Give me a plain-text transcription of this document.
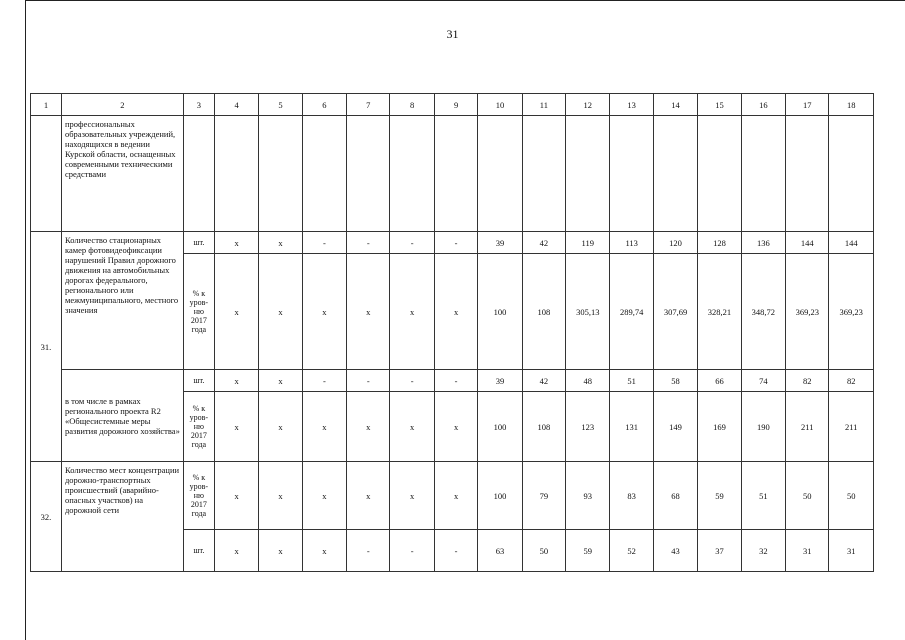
31
1	2	3	4	5	6	7	8	9	10	11	12	13	14	15	16	17	18
	профессиональных образовательных учреждений, находящихся в ведении Курской области, оснащенных современными техническими средствами																
31.	Количество стационарных камер фотовидеофиксации нарушений Правил дорожного движения на автомобильных дорогах федерального, регионального или межмуниципального, местного значения	шт.	х	х	-	-	-	-	39	42	119	113	120	128	136	144	144
		% к уров-ню 2017 года	х	х	х	х	х	х	100	108	305,13	289,74	307,69	328,21	348,72	369,23	369,23
	в том числе в рамках регионального проекта R2 «Общесистемные меры развития дорожного хозяйства»	шт.	х	х	-	-	-	-	39	42	48	51	58	66	74	82	82
		% к уров-ню 2017 года	х	х	х	х	х	х	100	108	123	131	149	169	190	211	211
32.	Количество мест концентрации дорожно-транспортных происшествий (аварийно- опасных участков) на дорожной сети	% к уров-ню 2017 года	х	х	х	х	х	х	100	79	93	83	68	59	51	50	50
		шт.	х	х	х	-	-	-	63	50	59	52	43	37	32	31	31
